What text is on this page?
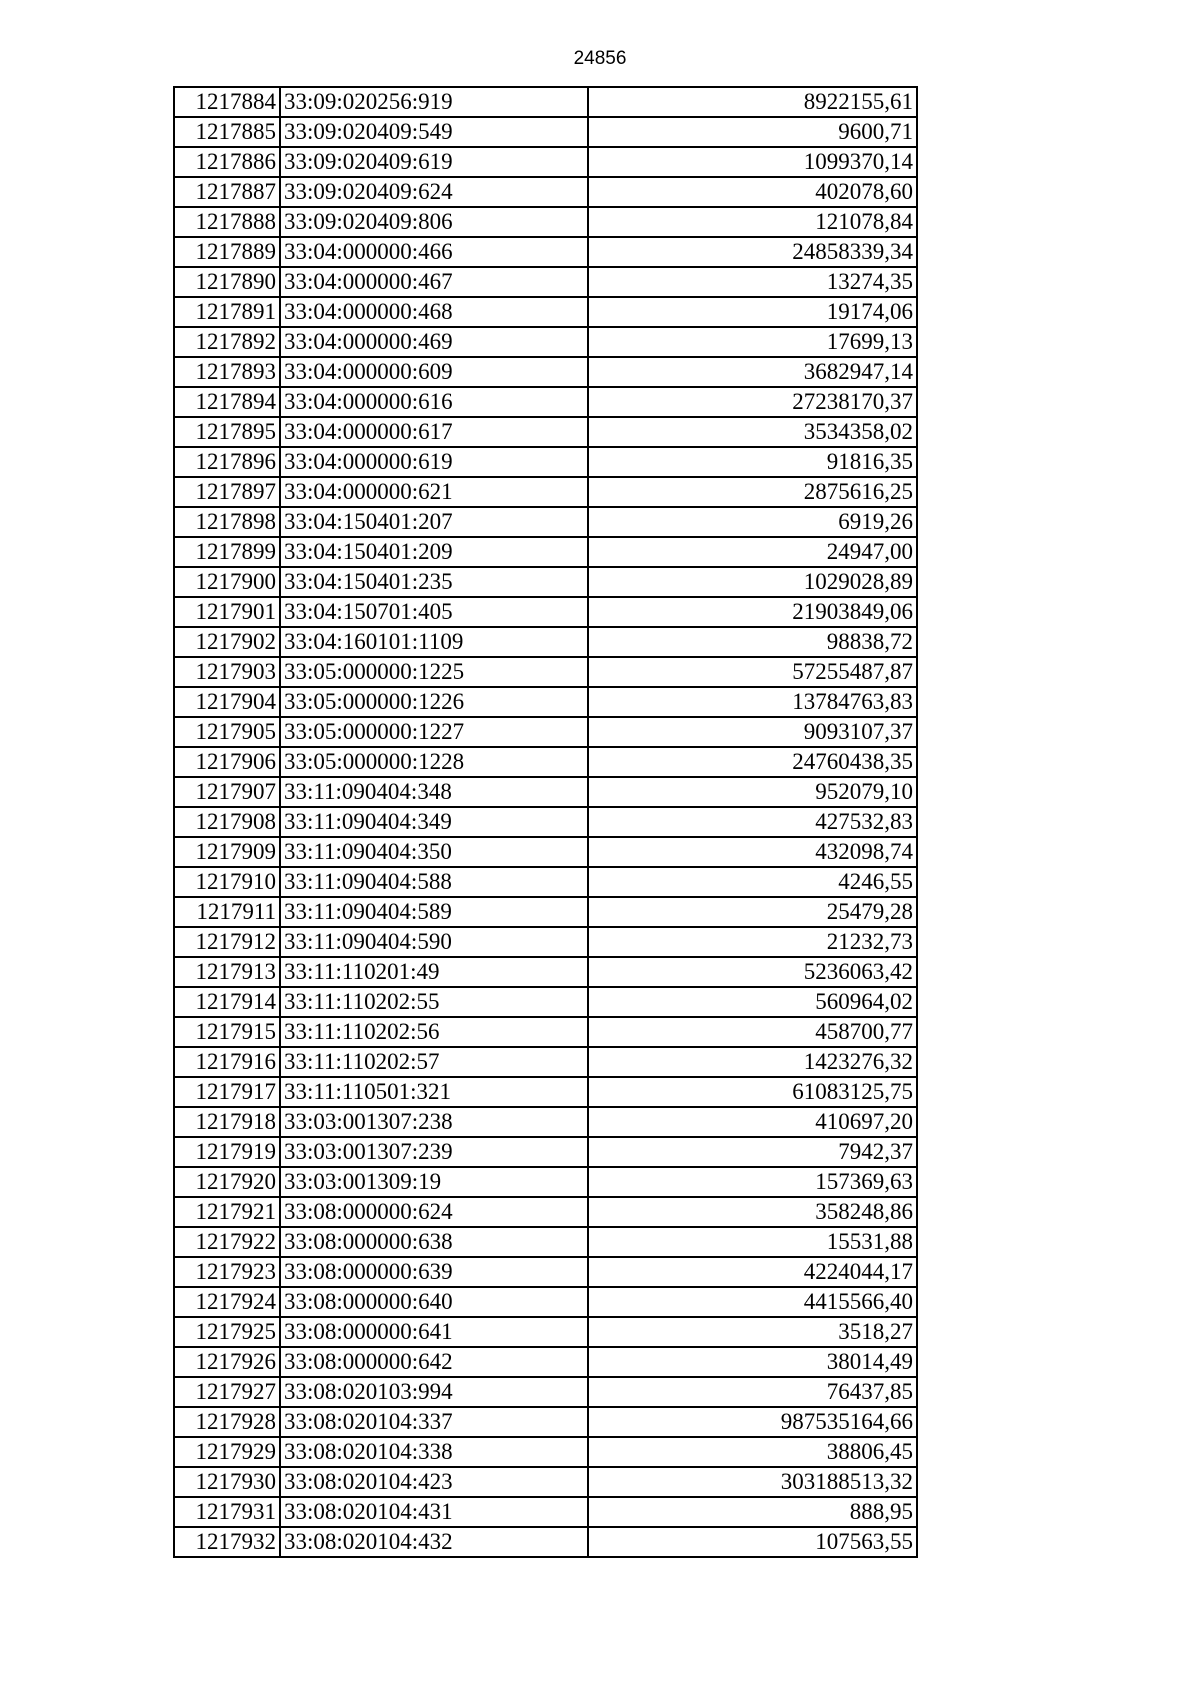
24856
1217884	33:09:020256:919	8922155,61
1217885	33:09:020409:549	9600,71
1217886	33:09:020409:619	1099370,14
1217887	33:09:020409:624	402078,60
1217888	33:09:020409:806	121078,84
1217889	33:04:000000:466	24858339,34
1217890	33:04:000000:467	13274,35
1217891	33:04:000000:468	19174,06
1217892	33:04:000000:469	17699,13
1217893	33:04:000000:609	3682947,14
1217894	33:04:000000:616	27238170,37
1217895	33:04:000000:617	3534358,02
1217896	33:04:000000:619	91816,35
1217897	33:04:000000:621	2875616,25
1217898	33:04:150401:207	6919,26
1217899	33:04:150401:209	24947,00
1217900	33:04:150401:235	1029028,89
1217901	33:04:150701:405	21903849,06
1217902	33:04:160101:1109	98838,72
1217903	33:05:000000:1225	57255487,87
1217904	33:05:000000:1226	13784763,83
1217905	33:05:000000:1227	9093107,37
1217906	33:05:000000:1228	24760438,35
1217907	33:11:090404:348	952079,10
1217908	33:11:090404:349	427532,83
1217909	33:11:090404:350	432098,74
1217910	33:11:090404:588	4246,55
1217911	33:11:090404:589	25479,28
1217912	33:11:090404:590	21232,73
1217913	33:11:110201:49	5236063,42
1217914	33:11:110202:55	560964,02
1217915	33:11:110202:56	458700,77
1217916	33:11:110202:57	1423276,32
1217917	33:11:110501:321	61083125,75
1217918	33:03:001307:238	410697,20
1217919	33:03:001307:239	7942,37
1217920	33:03:001309:19	157369,63
1217921	33:08:000000:624	358248,86
1217922	33:08:000000:638	15531,88
1217923	33:08:000000:639	4224044,17
1217924	33:08:000000:640	4415566,40
1217925	33:08:000000:641	3518,27
1217926	33:08:000000:642	38014,49
1217927	33:08:020103:994	76437,85
1217928	33:08:020104:337	987535164,66
1217929	33:08:020104:338	38806,45
1217930	33:08:020104:423	303188513,32
1217931	33:08:020104:431	888,95
1217932	33:08:020104:432	107563,55
